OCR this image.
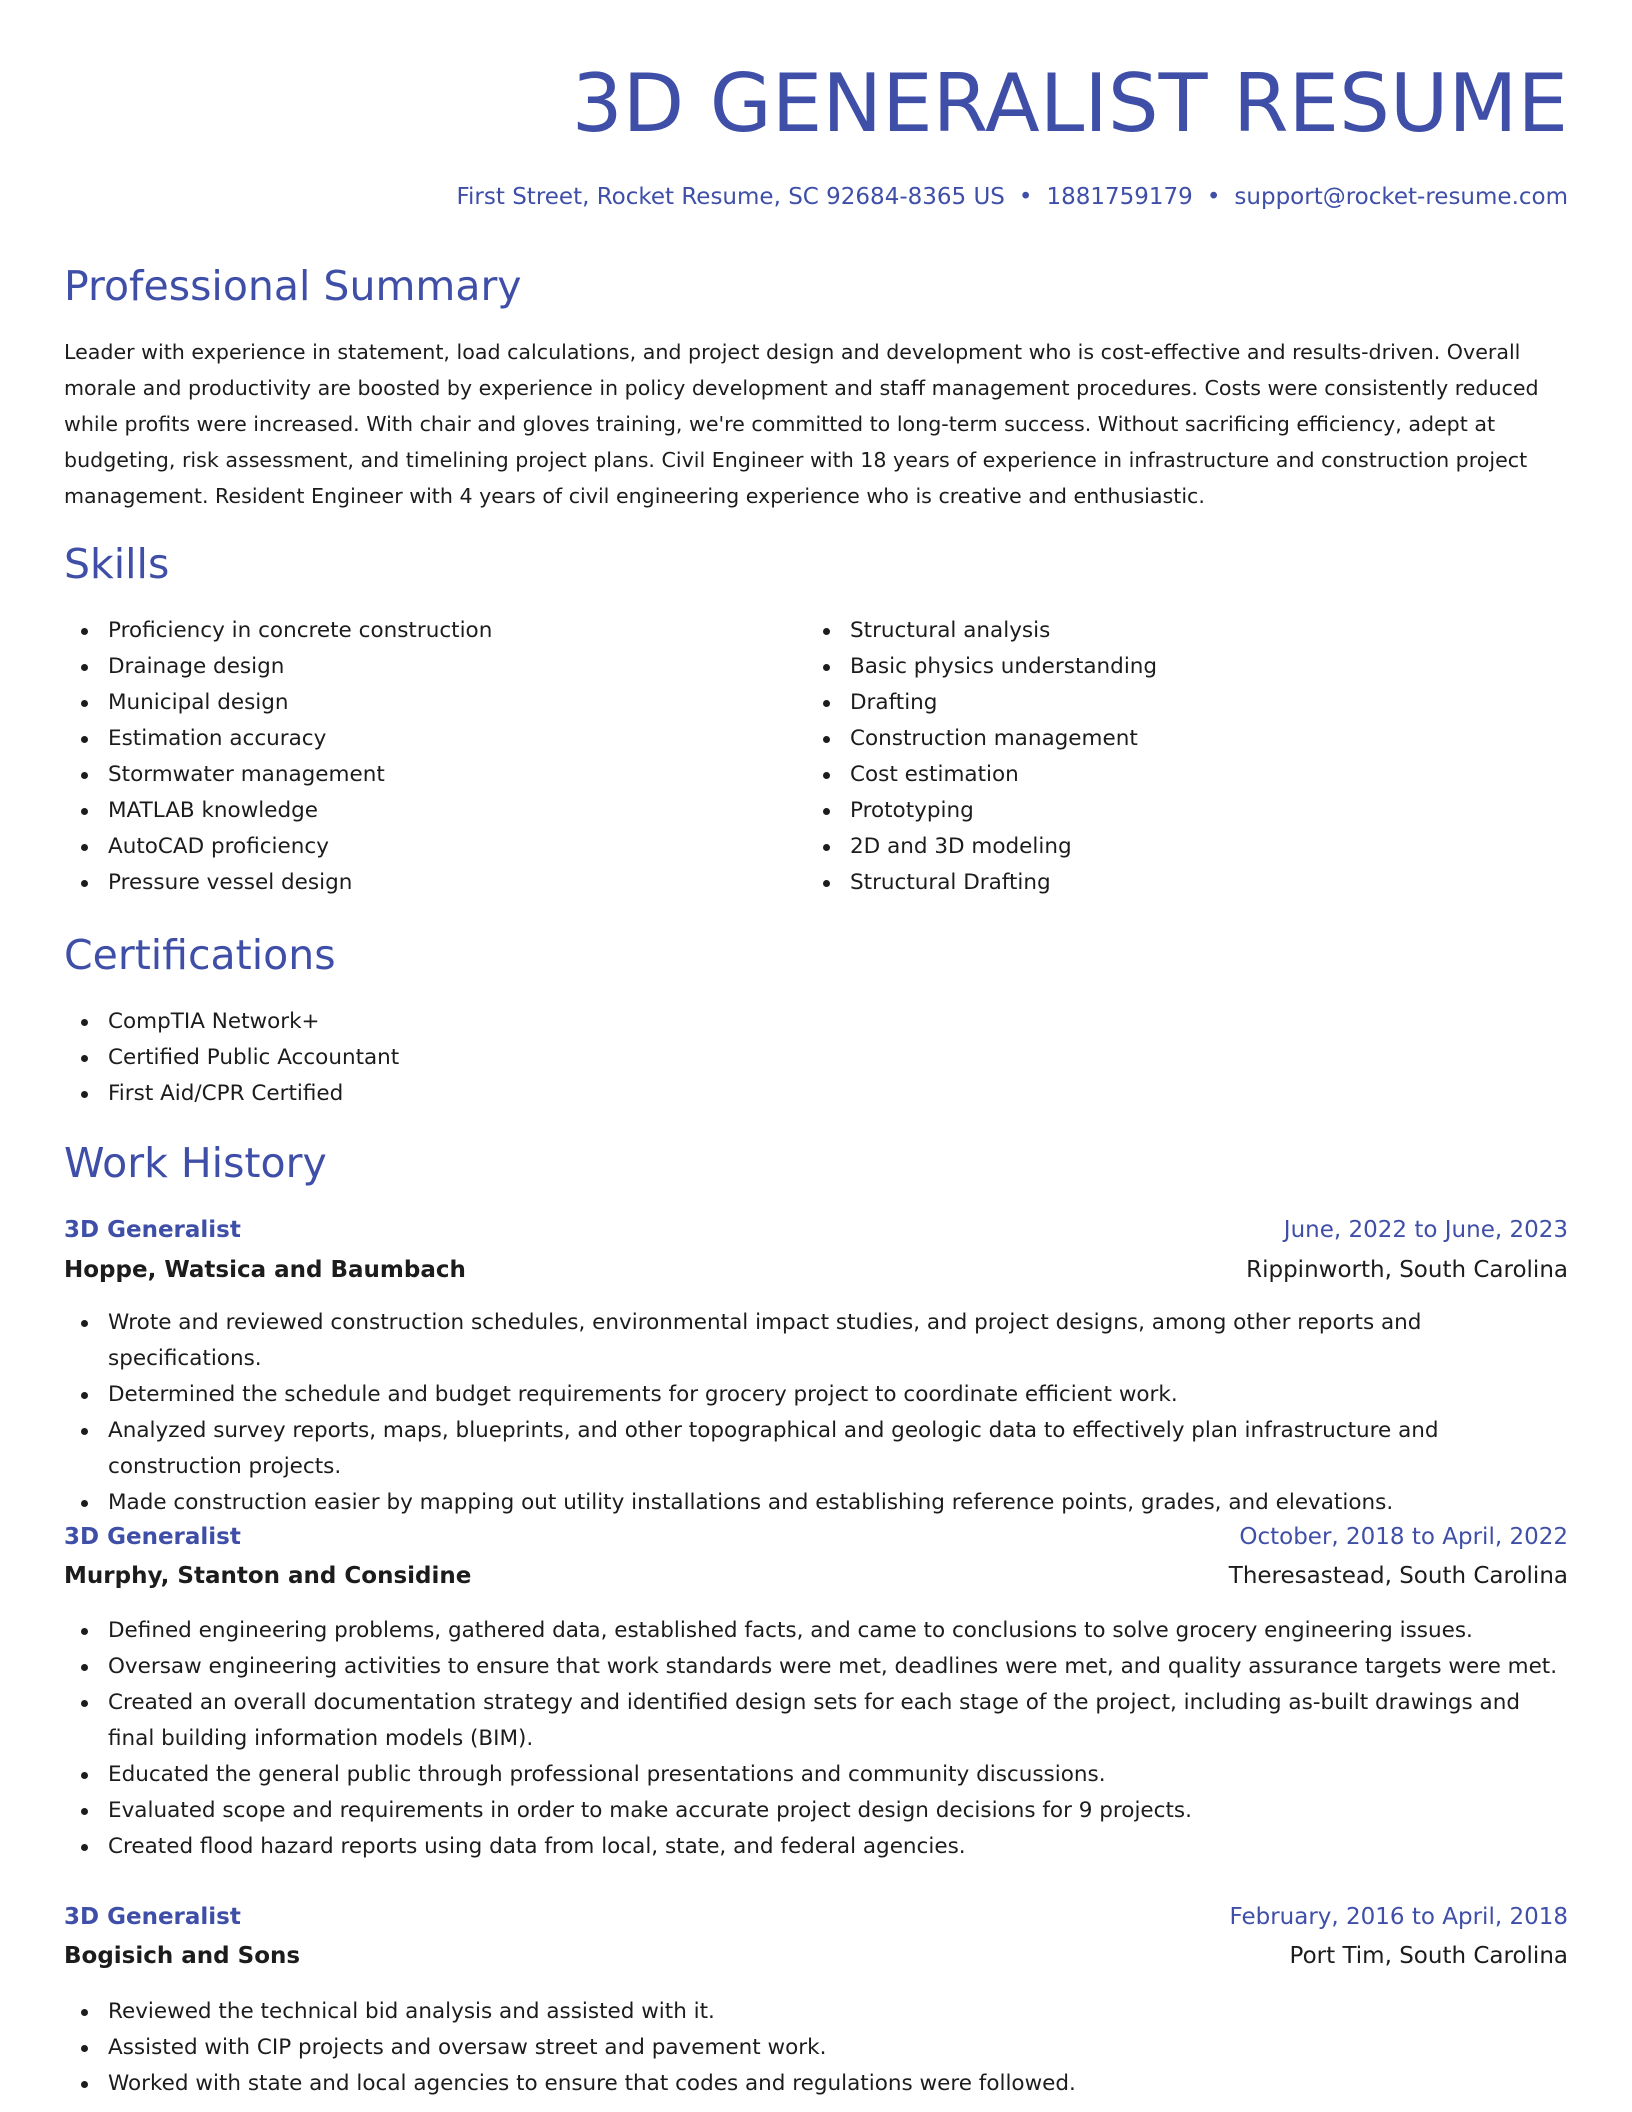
3D GENERALIST RESUME
First Street, Rocket Resume, SC 92684-8365 US • 1881759179 • support@rocket-resume.com
Professional Summary

Leader with experience in statement, load calculations, and project design and development who is cost-effective and results-driven. Overall morale and productivity are boosted by experience in policy development and staff management procedures. Costs were consistently reduced while profits were increased. With chair and gloves training, we're committed to long-term success. Without sacrificing efficiency, adept at budgeting, risk assessment, and timelining project plans. Civil Engineer with 18 years of experience in infrastructure and construction project management. Resident Engineer with 4 years of civil engineering experience who is creative and enthusiastic.

Skills
Proficiency in concrete construction
Drainage design
Municipal design
Estimation accuracy
Stormwater management
MATLAB knowledge
AutoCAD proficiency
Pressure vessel design
Structural analysis
Basic physics understanding
Drafting
Construction management
Cost estimation
Prototyping
2D and 3D modeling
Structural Drafting
Certifications
CompTIA Network+
Certified Public Accountant
First Aid/CPR Certified
Work History
3D Generalist	June, 2022 to June, 2023
Hoppe, Watsica and Baumbach	Rippinworth, South Carolina
Wrote and reviewed construction schedules, environmental impact studies, and project designs, among other reports and specifications.
Determined the schedule and budget requirements for grocery project to coordinate efficient work.
Analyzed survey reports, maps, blueprints, and other topographical and geologic data to effectively plan infrastructure and construction projects.
Made construction easier by mapping out utility installations and establishing reference points, grades, and elevations.
3D Generalist	October, 2018 to April, 2022
Murphy, Stanton and Considine	Theresastead, South Carolina
Defined engineering problems, gathered data, established facts, and came to conclusions to solve grocery engineering issues.
Oversaw engineering activities to ensure that work standards were met, deadlines were met, and quality assurance targets were met.
Created an overall documentation strategy and identified design sets for each stage of the project, including as-built drawings and final building information models (BIM).
Educated the general public through professional presentations and community discussions.
Evaluated scope and requirements in order to make accurate project design decisions for 9 projects.
Created flood hazard reports using data from local, state, and federal agencies.
3D Generalist	February, 2016 to April, 2018
Bogisich and Sons	Port Tim, South Carolina
Reviewed the technical bid analysis and assisted with it.
Assisted with CIP projects and oversaw street and pavement work.
Worked with state and local agencies to ensure that codes and regulations were followed.
